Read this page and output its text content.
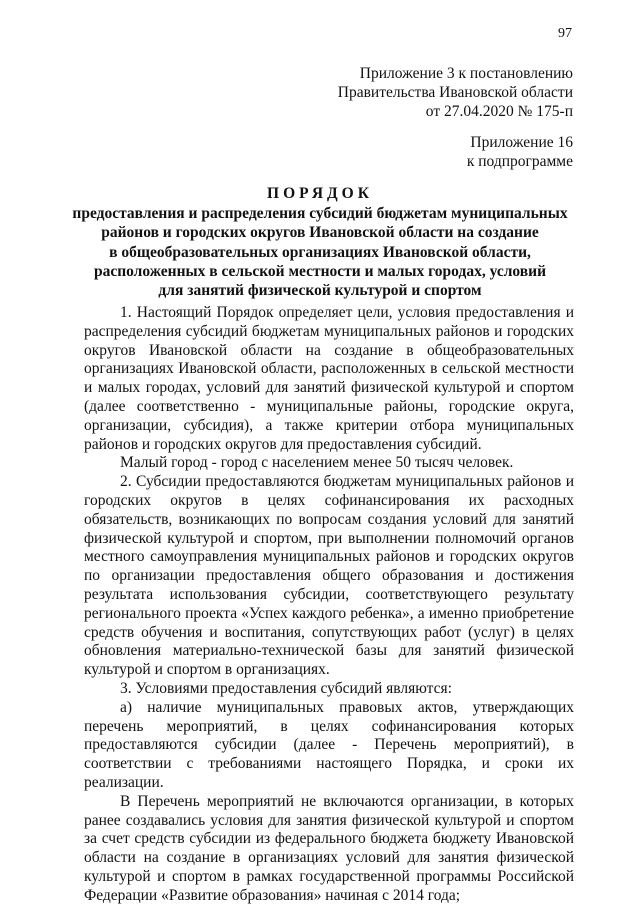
97
Приложение 3 к постановлению
Правительства Ивановской области
от 27.04.2020 № 175-п
Приложение 16
к подпрограмме
ПОРЯДОК
предоставления и распределения субсидий бюджетам муниципальных
районов и городских округов Ивановской области на создание
в общеобразовательных организациях Ивановской области,
расположенных в сельской местности и малых городах, условий
для занятий физической культурой и спортом

1. Настоящий Порядок определяет цели, условия предоставления и распределения субсидий бюджетам муниципальных районов и городских округов Ивановской области на создание в общеобразовательных организациях Ивановской области, расположенных в сельской местности и малых городах, условий для занятий физической культурой и спортом (далее соответственно - муниципальные районы, городские округа, организации, субсидия), а также критерии отбора муниципальных районов и городских округов для предоставления субсидий.

Малый город - город с населением менее 50 тысяч человек.

2. Субсидии предоставляются бюджетам муниципальных районов и городских округов в целях софинансирования их расходных обязательств, возникающих по вопросам создания условий для занятий физической культурой и спортом, при выполнении полномочий органов местного самоуправления муниципальных районов и городских округов по организации предоставления общего образования и достижения результата использования субсидии, соответствующего результату регионального проекта «Успех каждого ребенка», а именно приобретение средств обучения и воспитания, сопутствующих работ (услуг) в целях обновления материально-технической базы для занятий физической культурой и спортом в организациях.

3. Условиями предоставления субсидий являются:

а) наличие муниципальных правовых актов, утверждающих перечень мероприятий, в целях софинансирования которых предоставляются субсидии (далее - Перечень мероприятий), в соответствии с требованиями настоящего Порядка, и сроки их реализации.

В Перечень мероприятий не включаются организации, в которых ранее создавались условия для занятия физической культурой и спортом за счет средств субсидии из федерального бюджета бюджету Ивановской области на создание в организациях условий для занятия физической культурой и спортом в рамках государственной программы Российской Федерации «Развитие образования» начиная с 2014 года;
